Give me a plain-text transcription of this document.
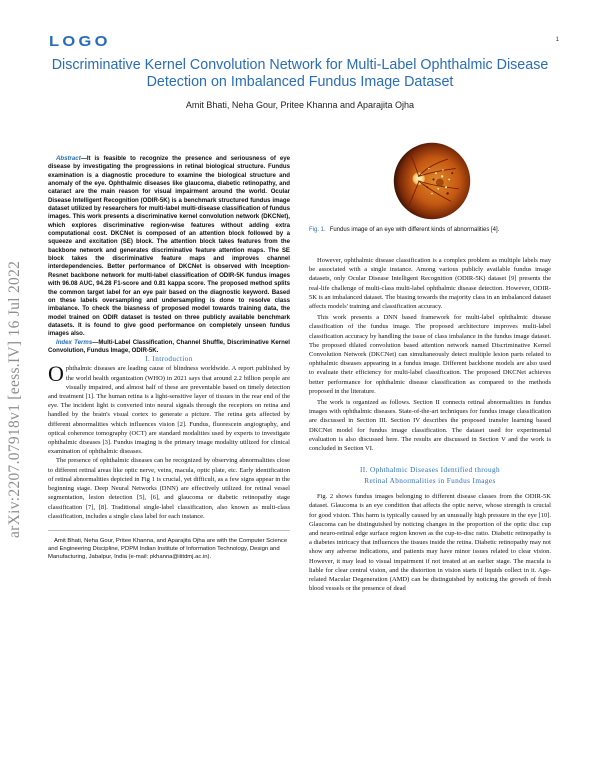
LOGO	1
Discriminative Kernel Convolution Network for Multi-Label Ophthalmic Disease Detection on Imbalanced Fundus Image Dataset
Amit Bhati, Neha Gour, Pritee Khanna and Aparajita Ojha
arXiv:2207.07918v1 [eess.IV] 16 Jul 2022

Abstract—It is feasible to recognize the presence and seriousness of eye disease by investigating the progressions in retinal biological structure. Fundus examination is a diagnostic procedure to examine the biological structure and anomaly of the eye. Ophthalmic diseases like glaucoma, diabetic retinopathy, and cataract are the main reason for visual impairment around the world. Ocular Disease Intelligent Recognition (ODIR-5K) is a benchmark structured fundus image dataset utilized by researchers for multi-label multi-disease classification of fundus images. This work presents a discriminative kernel convolution network (DKCNet), which explores discriminative region-wise features without adding extra computational cost. DKCNet is composed of an attention block followed by a squeeze and excitation (SE) block. The attention block takes features from the backbone network and generates discriminative feature attention maps. The SE block takes the discriminative feature maps and improves channel interdependencies. Better performance of DKCNet is observed with Inception-Resnet backbone network for multi-label classification of ODIR-5K fundus images with 96.08 AUC, 94.28 F1-score and 0.81 kappa score. The proposed method splits the common target label for an eye pair based on the diagnostic keyword. Based on these labels oversampling and undersampling is done to resolve class imbalance. To check the biasness of proposed model towards training data, the model trained on ODIR dataset is tested on three publicly available benchmark datasets. It is found to give good performance on completely unseen fundus images also.

Index Terms—Multi-Label Classification, Channel Shuffle, Discriminative Kernel Convolution, Fundus Image, ODIR-5K.

I. Introduction

Ophthalmic diseases are leading cause of blindness worldwide. A report published by the world health organization (WHO) in 2021 says that around 2.2 billion people are visually impaired, and almost half of these are preventable based on timely detection and treatment [1]. The human retina is a light-sensitive layer of tissues in the rear end of the eye. The incident light is converted into neural signals through the receptors on retina and handled by the brain's visual cortex to generate a picture. The retina gets affected by different abnormalities which influences vision [2]. Fundus, fluorescein angiography, and optical coherence tomography (OCT) are standard modalities used by experts to investigate ophthalmic diseases [3]. Fundus imaging is the primary image modality utilized for clinical examination of ophthalmic diseases.

The presence of ophthalmic diseases can be recognized by observing abnormalities close to different retinal areas like optic nerve, veins, macula, optic plate, etc. Early identification of retinal abnormalities depicted in Fig 1 is crucial, yet difficult, as a few signs appear in the beginning stage. Deep Neural Networks (DNN) are effectively utilized for retinal vessel segmentation, lesion detection [5], [6], and glaucoma or diabetic retinopathy stage classification [7], [8]. Traditional single-label classification, also known as multi-class classification, includes a single class label for each instance.

Amit Bhati, Neha Gour, Pritee Khanna, and Aparajita Ojha are with the Computer Science and Engineering Discipline, PDPM Indian Institute of Information Technology, Design and Manufacturing, Jabalpur, India (e-mail: pkhanna@iiitdmj.ac.in).

Fig. 1. Fundus image of an eye with different kinds of abnormalities [4].

However, ophthalmic disease classification is a complex problem as multiple labels may be associated with a single instance. Among various publicly available fundus image datasets, only Ocular Disease Intelligent Recognition (ODIR-5K) dataset [9] presents the real-life challenge of multi-class multi-label ophthalmic disease detection. However, ODIR-5K is an imbalanced dataset. The biasing towards the majority class in an imbalanced dataset affects models' training and classification accuracy.

This work presents a DNN based framework for multi-label ophthalmic disease classification of the fundus image. The proposed architecture improves multi-label classification accuracy by handling the issue of class imbalance in the fundus image dataset. The proposed dilated convolution based attention network named Discriminative Kernel Convolution Network (DKCNet) can simultaneously detect multiple lesion parts related to ophthalmic diseases appearing in a fundus image. Different backbone models are also used to evaluate their efficiency for multi-label classification. The proposed DKCNet achieves better performance for ophthalmic disease classification as compared to the methods proposed in the literature.

The work is organized as follows. Section II connects retinal abnormalities in fundus images with ophthalmic diseases. State-of-the-art techniques for fundus image classification are discussed in Section III. Section IV describes the proposed transfer learning based DKCNet model for fundus image classification. The dataset used for experimental evaluation is also discussed here. The results are discussed in Section V and the work is concluded in Section VI.

II. Ophthalmic Diseases Identified through
Retinal Abnormalities in Fundus Images

Fig. 2 shows fundus images belonging to different disease classes from the ODIR-5K dataset. Glaucoma is an eye condition that affects the optic nerve, whose strength is crucial for good vision. This harm is typically caused by an unusually high pressure in the eye [10]. Glaucoma can be distinguished by noticing changes in the proportion of the optic disc cup and neuro-retinal edge surface region known as the cup-to-disc ratio. Diabetic retinopathy is a diabetes intricacy that influences the tissues inside the retina. Diabetic retinopathy may not show any adverse indications, and patients may have minor issues related to clear vision. However, it may lead to visual impairment if not treated at an earlier stage. The macula is liable for clear central vision, and the distortion in vision starts if liquids collect in it. Age-related Macular Degeneration (AMD) can be distinguished by noticing the growth of fresh blood vessels or the presence of dead
